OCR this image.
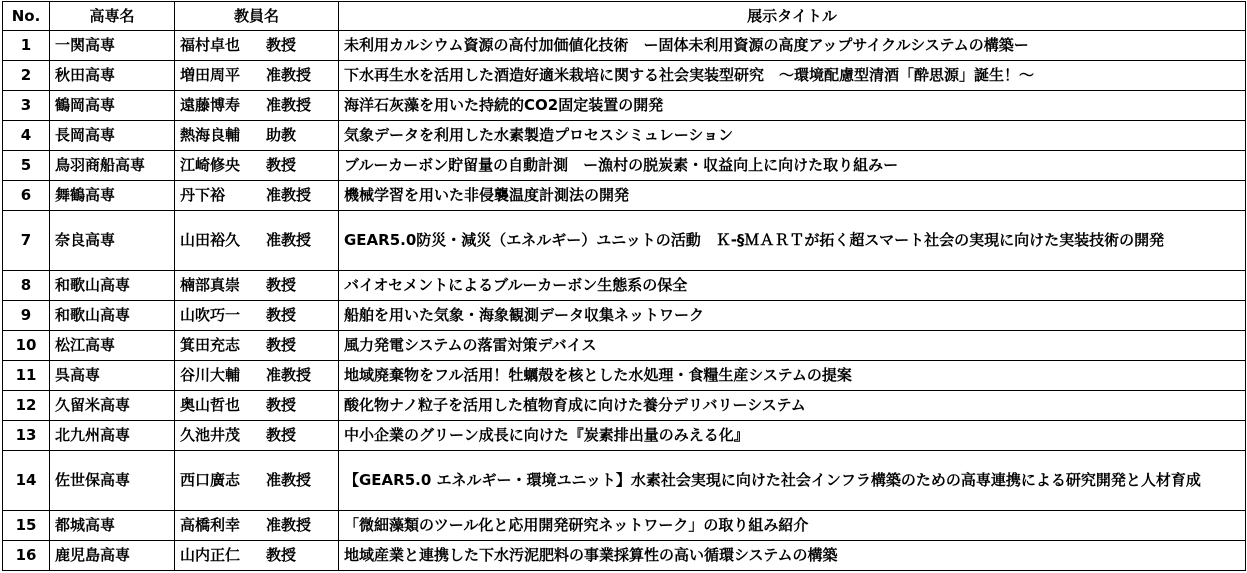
No.	高専名	教員名	展示タイトル
1	一関高専	福村卓也 教授	未利用カルシウム資源の高付加価値化技術　ー固体未利用資源の高度アップサイクルシステムの構築ー
2	秋田高専	増田周平 准教授	下水再生水を活用した酒造好適米栽培に関する社会実装型研究　～環境配慮型清酒「酔思源」誕生！～
3	鶴岡高専	遠藤博寿 准教授	海洋石灰藻を用いた持続的CO2固定装置の開発
4	長岡高専	熱海良輔 助教	気象データを利用した水素製造プロセスシミュレーション
5	鳥羽商船高専	江崎修央 教授	ブルーカーボン貯留量の自動計測　ー漁村の脱炭素・収益向上に向けた取り組みー
6	舞鶴高専	丹下裕 准教授	機械学習を用いた非侵襲温度計測法の開発
7	奈良高専	山田裕久 准教授	GEAR5.0防災・減災（エネルギー）ユニットの活動　Ｋ-§ＭＡＲＴが拓く超スマート社会の実現に向けた実装技術の開発
8	和歌山高専	楠部真崇 教授	バイオセメントによるブルーカーボン生態系の保全
9	和歌山高専	山吹巧一 教授	船舶を用いた気象・海象観測データ収集ネットワーク
10	松江高専	箕田充志 教授	風力発電システムの落雷対策デバイス
11	呉高専	谷川大輔 准教授	地域廃棄物をフル活用！牡蠣殻を核とした水処理・食糧生産システムの提案
12	久留米高専	奥山哲也 教授	酸化物ナノ粒子を活用した植物育成に向けた養分デリバリーシステム
13	北九州高専	久池井茂 教授	中小企業のグリーン成長に向けた『炭素排出量のみえる化』
14	佐世保高専	西口廣志 准教授	【GEAR5.0 エネルギー・環境ユニット】水素社会実現に向けた社会インフラ構築のための高専連携による研究開発と人材育成
15	都城高専	高橋利幸 准教授	「微細藻類のツール化と応用開発研究ネットワーク」の取り組み紹介
16	鹿児島高専	山内正仁 教授	地域産業と連携した下水汚泥肥料の事業採算性の高い循環システムの構築
